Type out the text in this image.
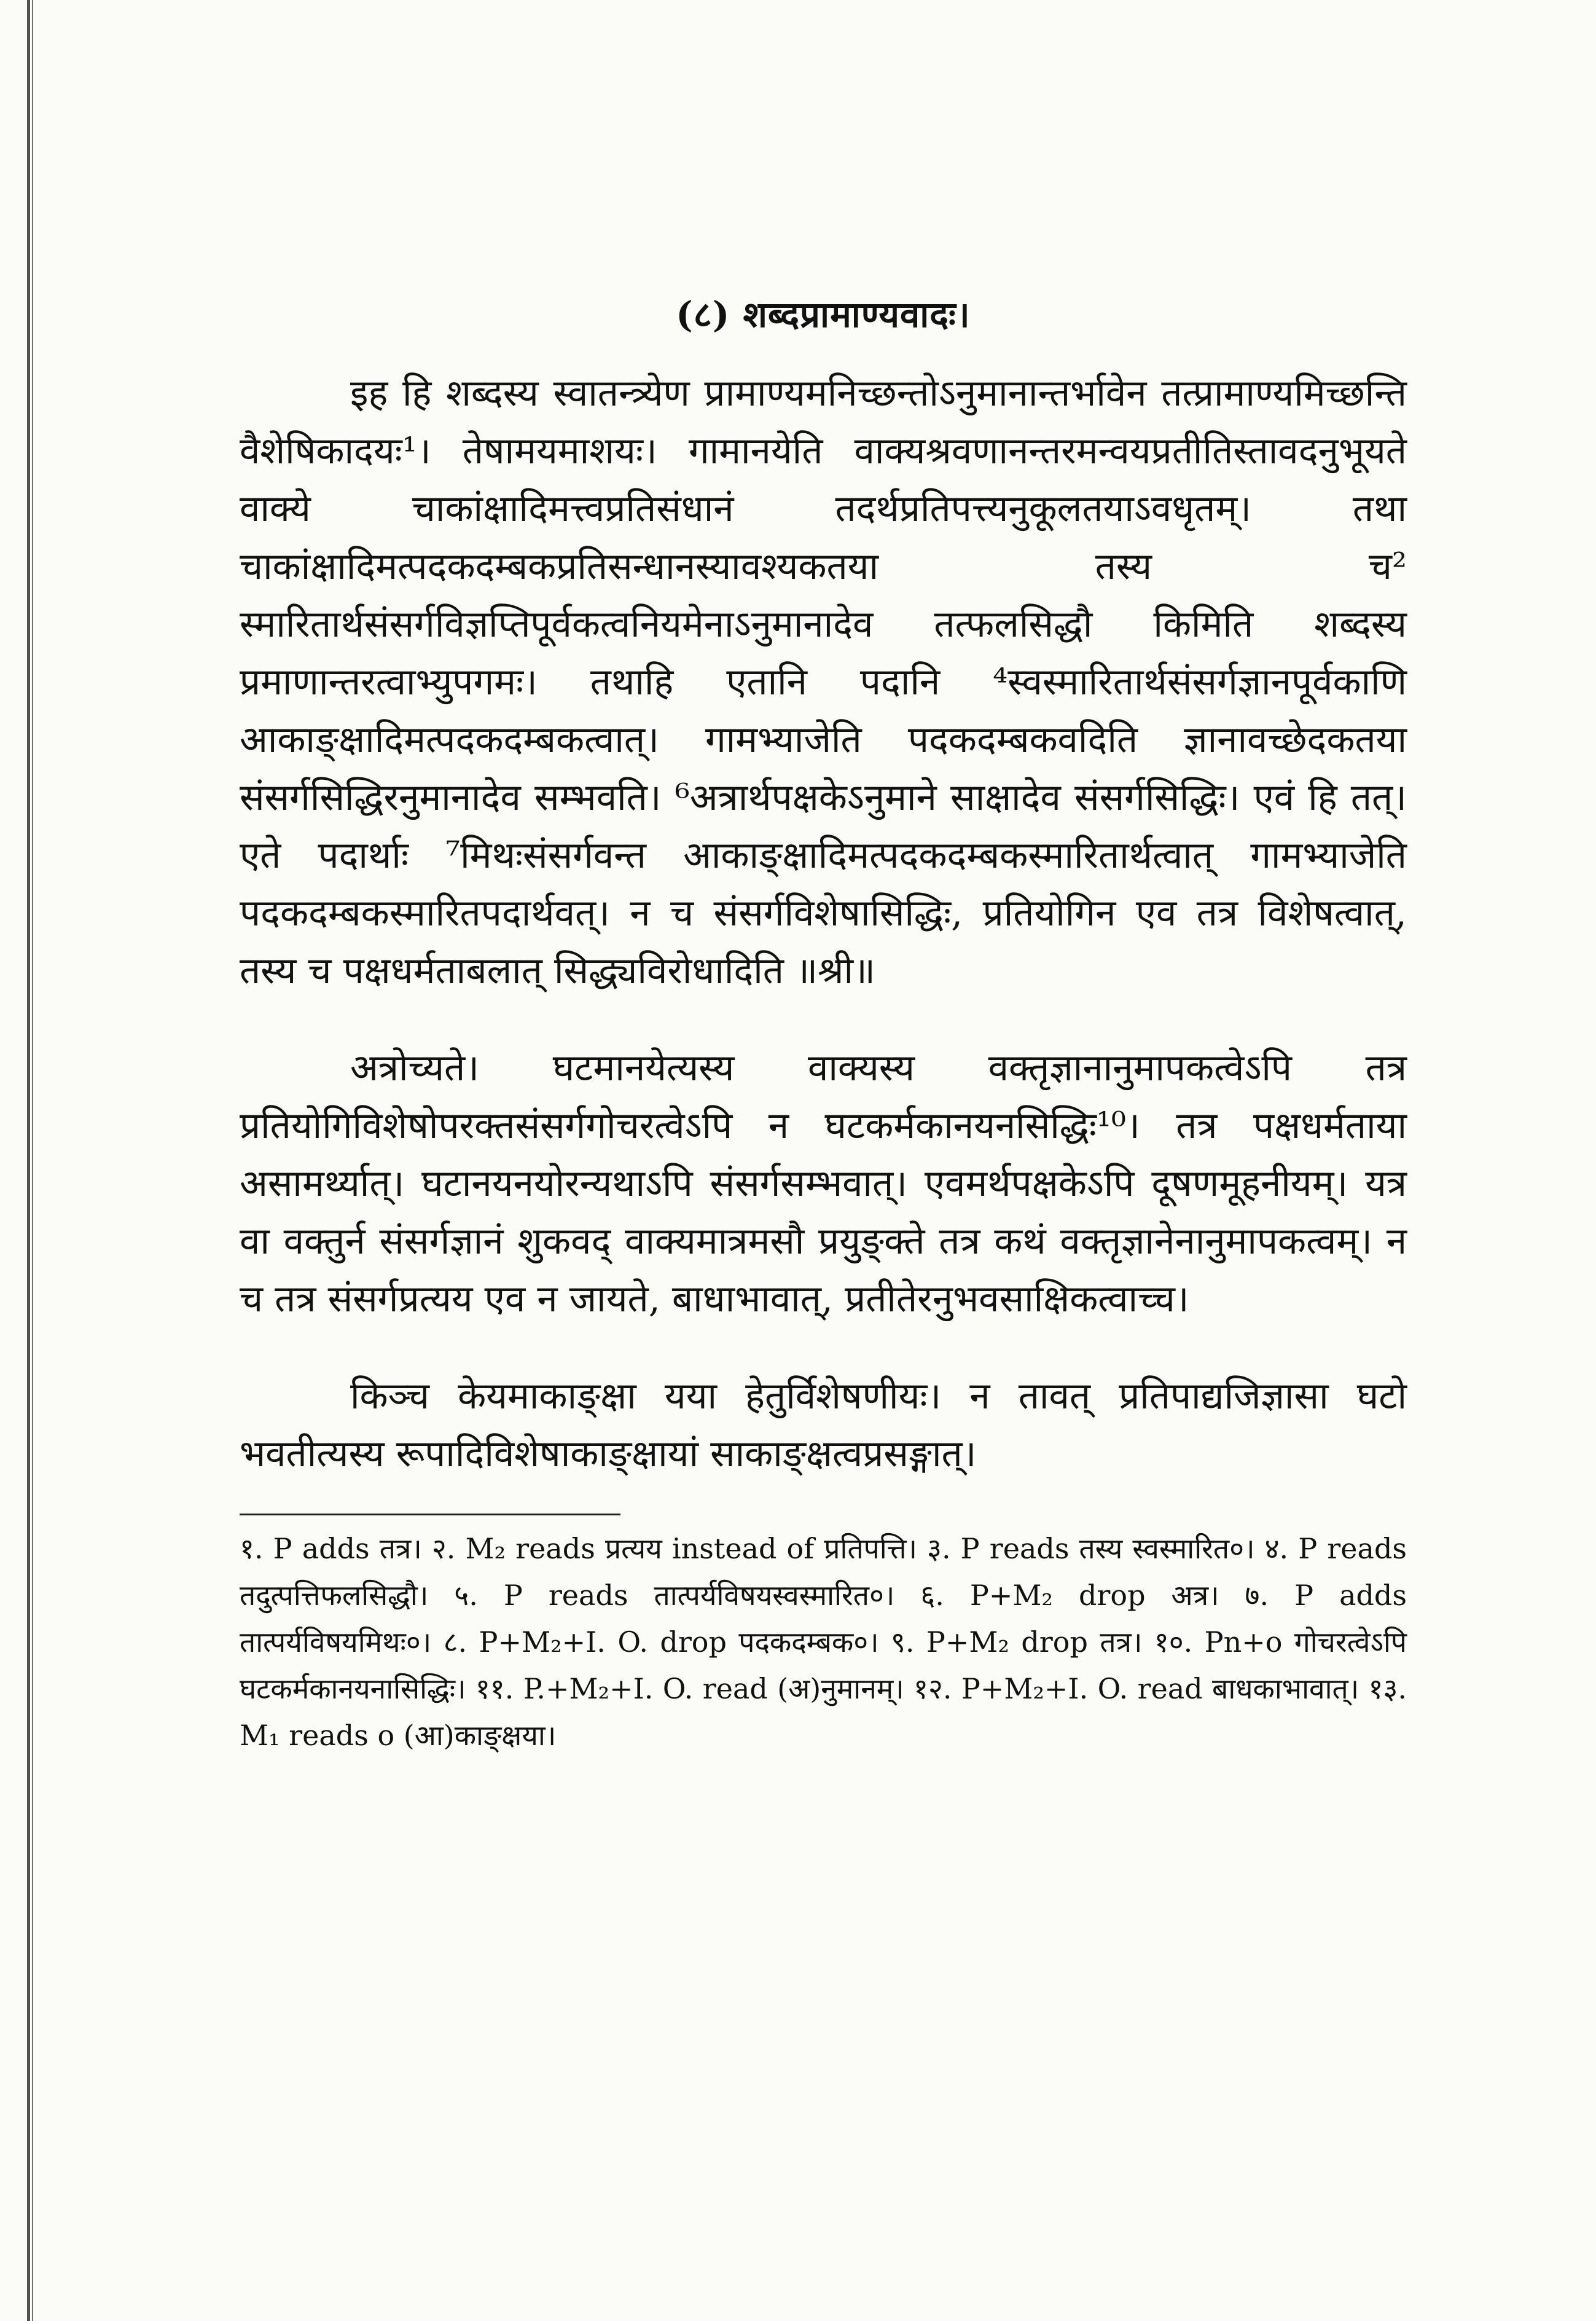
(८) शब्दप्रामाण्यवादः।

इह हि शब्दस्य स्वातन्त्र्येण प्रामाण्यमनिच्छन्तोऽनुमानान्तर्भावेन तत्प्रामाण्यमिच्छन्ति वैशेषिकादयः¹। तेषामयमाशयः। गामानयेति वाक्यश्रवणानन्तरमन्वयप्रतीतिस्तावदनुभूयते वाक्ये चाकांक्षादिमत्त्वप्रतिसंधानं तदर्थप्रतिपत्त्यनुकूलतयाऽवधृतम्। तथा चाकांक्षादिमत्पदकदम्बकप्रतिसन्धानस्यावश्यकतया तस्य च² स्मारितार्थसंसर्गविज्ञप्तिपूर्वकत्वनियमेनाऽनुमानादेव तत्फलसिद्धौ किमिति शब्दस्य प्रमाणान्तरत्वाभ्युपगमः। तथाहि एतानि पदानि ⁴स्वस्मारितार्थसंसर्गज्ञानपूर्वकाणि आकाङ्क्षादिमत्पदकदम्बकत्वात्। गामभ्याजेति पदकदम्बकवदिति ज्ञानावच्छेदकतया संसर्गसिद्धिरनुमानादेव सम्भवति। ⁶अत्रार्थपक्षकेऽनुमाने साक्षादेव संसर्गसिद्धिः। एवं हि तत्। एते पदार्थाः ⁷मिथःसंसर्गवन्त आकाङ्क्षादिमत्पदकदम्बकस्मारितार्थत्वात् गामभ्याजेति पदकदम्बकस्मारितपदार्थवत्। न च संसर्गविशेषासिद्धिः, प्रतियोगिन एव तत्र विशेषत्वात्, तस्य च पक्षधर्मताबलात् सिद्ध्यविरोधादिति ॥श्री॥

अत्रोच्यते। घटमानयेत्यस्य वाक्यस्य वक्तृज्ञानानुमापकत्वेऽपि तत्र प्रतियोगिविशेषोपरक्तसंसर्गगोचरत्वेऽपि न घटकर्मकानयनसिद्धिः¹⁰। तत्र पक्षधर्मताया असामर्थ्यात्। घटानयनयोरन्यथाऽपि संसर्गसम्भवात्। एवमर्थपक्षकेऽपि दूषणमूहनीयम्। यत्र वा वक्तुर्न संसर्गज्ञानं शुकवद् वाक्यमात्रमसौ प्रयुङ्क्ते तत्र कथं वक्तृज्ञानेनानुमापकत्वम्। न च तत्र संसर्गप्रत्यय एव न जायते, बाधाभावात्, प्रतीतेरनुभवसाक्षिकत्वाच्च।

किञ्च केयमाकाङ्क्षा यया हेतुर्विशेषणीयः। न तावत् प्रतिपाद्यजिज्ञासा घटो भवतीत्यस्य रूपादिविशेषाकाङ्क्षायां साकाङ्क्षत्वप्रसङ्गात्।

१. P adds तत्र। २. M₂ reads प्रत्यय instead of प्रतिपत्ति। ३. P reads तस्य स्वस्मारित०। ४. P reads तदुत्पत्तिफलसिद्धौ। ५. P reads तात्पर्यविषयस्वस्मारित०। ६. P+M₂ drop अत्र। ७. P adds तात्पर्यविषयमिथः०। ८. P+M₂+I. O. drop पदकदम्बक०। ९. P+M₂ drop तत्र। १०. Pn+o गोचरत्वेऽपि घटकर्मकानयनासिद्धिः। ११. P.+M₂+I. O. read (अ)नुमानम्। १२. P+M₂+I. O. read बाधकाभावात्। १३. M₁ reads o (आ)काङ्क्षया।
